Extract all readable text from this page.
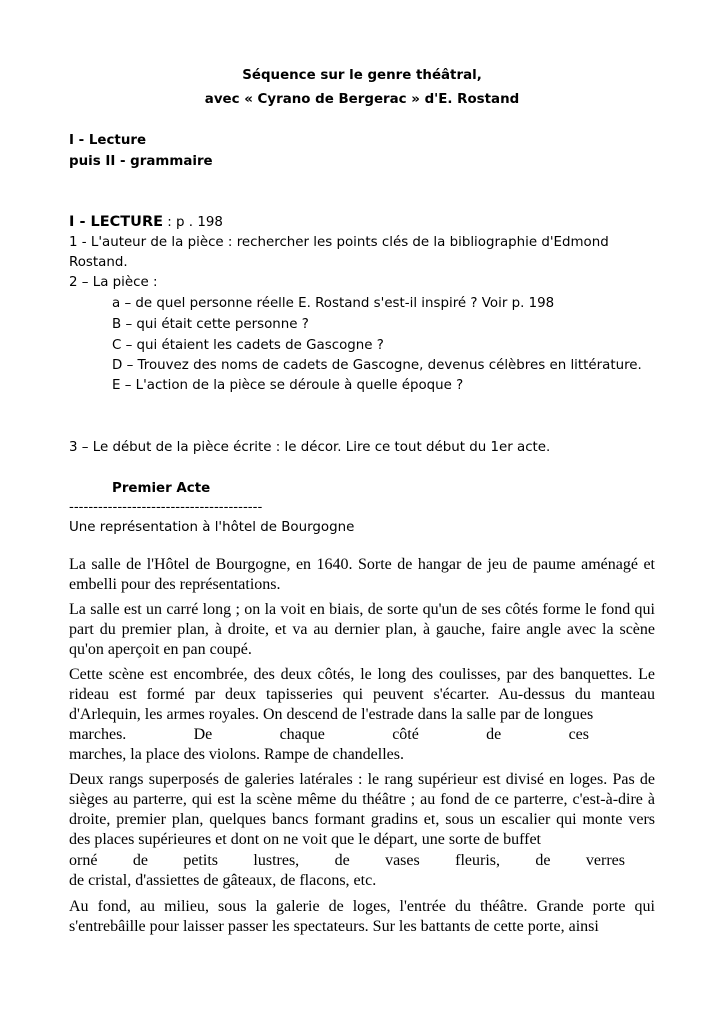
Séquence sur le genre théâtral,
avec « Cyrano de Bergerac » d'E. Rostand
I - Lecture
puis II - grammaire
I - LECTURE : p . 198
1 - L'auteur de la pièce : rechercher les points clés de la bibliographie d'Edmond
Rostand.
2 – La pièce :
a – de quel personne réelle E. Rostand s'est-il inspiré ? Voir p. 198
B – qui était cette personne ?
C – qui étaient les cadets de Gascogne ?
D – Trouvez des noms de cadets de Gascogne, devenus célèbres en littérature.
E – L'action de la pièce se déroule à quelle époque ?
3 – Le début de la pièce écrite : le décor. Lire ce tout début du 1er acte.
Premier Acte
----------------------------------------
Une représentation à l'hôtel de Bourgogne

La salle de l'Hôtel de Bourgogne, en 1640. Sorte de hangar de jeu de paume aménagé et embelli pour des représentations.

La salle est un carré long ; on la voit en biais, de sorte qu'un de ses côtés forme le fond qui part du premier plan, à droite, et va au dernier plan, à gauche, faire angle avec la scène qu'on aperçoit en pan coupé.

Cette scène est encombrée, des deux côtés, le long des coulisses, par des banquettes. Le rideau est formé par deux tapisseries qui peuvent s'écarter. Au-dessus du manteau d'Arlequin, les armes royales. On descend de l'estrade dans la salle par de longues

marches. De chaque côté de ces
marches, la place des violons. Rampe de chandelles.

Deux rangs superposés de galeries latérales : le rang supérieur est divisé en loges. Pas de sièges au parterre, qui est la scène même du théâtre ; au fond de ce parterre, c'est-à-dire à droite, premier plan, quelques bancs formant gradins et, sous un escalier qui monte vers des places supérieures et dont on ne voit que le départ, une sorte de buffet

orné de petits lustres, de vases fleuris, de verres
de cristal, d'assiettes de gâteaux, de flacons, etc.

Au fond, au milieu, sous la galerie de loges, l'entrée du théâtre. Grande porte qui s'entrebâille pour laisser passer les spectateurs. Sur les battants de cette porte, ainsi
